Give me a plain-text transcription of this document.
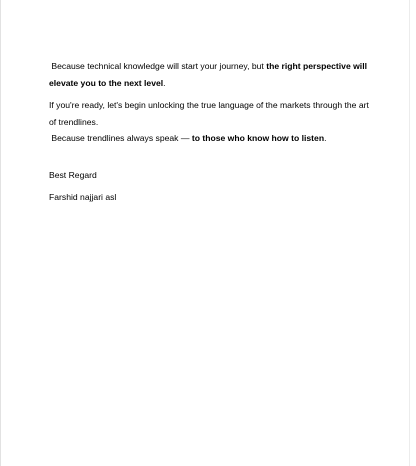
Because technical knowledge will start your journey, but the right perspective will elevate you to the next level.

If you're ready, let's begin unlocking the true language of the markets through the art of trendlines.

Because trendlines always speak — to those who know how to listen.

Best Regard

Farshid najjari asl
